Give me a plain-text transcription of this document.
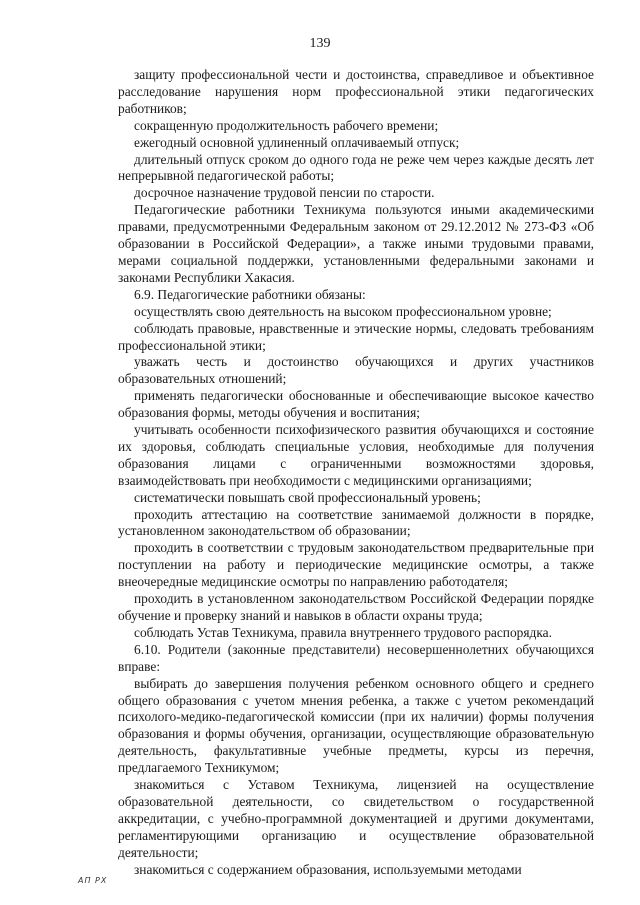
139

защиту профессиональной чести и достоинства, справедливое и объективное расследование нарушения норм профессиональной этики педагогических работников;

сокращенную продолжительность рабочего времени;

ежегодный основной удлиненный оплачиваемый отпуск;

длительный отпуск сроком до одного года не реже чем через каждые десять лет непрерывной педагогической работы;

досрочное назначение трудовой пенсии по старости.

Педагогические работники Техникума пользуются иными академическими правами, предусмотренными Федеральным законом от 29.12.2012 № 273-ФЗ «Об образовании в Российской Федерации», а также иными трудовыми правами, мерами социальной поддержки, установленными федеральными законами и законами Республики Хакасия.

6.9. Педагогические работники обязаны:

осуществлять свою деятельность на высоком профессиональном уровне;

соблюдать правовые, нравственные и этические нормы, следовать требованиям профессиональной этики;

уважать честь и достоинство обучающихся и других участников образовательных отношений;

применять педагогически обоснованные и обеспечивающие высокое качество образования формы, методы обучения и воспитания;

учитывать особенности психофизического развития обучающихся и состояние их здоровья, соблюдать специальные условия, необходимые для получения образования лицами с ограниченными возможностями здоровья, взаимодействовать при необходимости с медицинскими организациями;

систематически повышать свой профессиональный уровень;

проходить аттестацию на соответствие занимаемой должности в порядке, установленном законодательством об образовании;

проходить в соответствии с трудовым законодательством предварительные при поступлении на работу и периодические медицинские осмотры, а также внеочередные медицинские осмотры по направлению работодателя;

проходить в установленном законодательством Российской Федерации порядке обучение и проверку знаний и навыков в области охраны труда;

соблюдать Устав Техникума, правила внутреннего трудового распорядка.

6.10. Родители (законные представители) несовершеннолетних обучающихся вправе:

выбирать до завершения получения ребенком основного общего и среднего общего образования с учетом мнения ребенка, а также с учетом рекомендаций психолого-медико-педагогической комиссии (при их наличии) формы получения образования и формы обучения, организации, осуществляющие образовательную деятельность, факультативные учебные предметы, курсы из перечня, предлагаемого Техникумом;

знакомиться с Уставом Техникума, лицензией на осуществление образовательной деятельности, со свидетельством о государственной аккредитации, с учебно-программной документацией и другими документами, регламентирующими организацию и осуществление образовательной деятельности;

знакомиться с содержанием образования, используемыми методами

АП РХ
